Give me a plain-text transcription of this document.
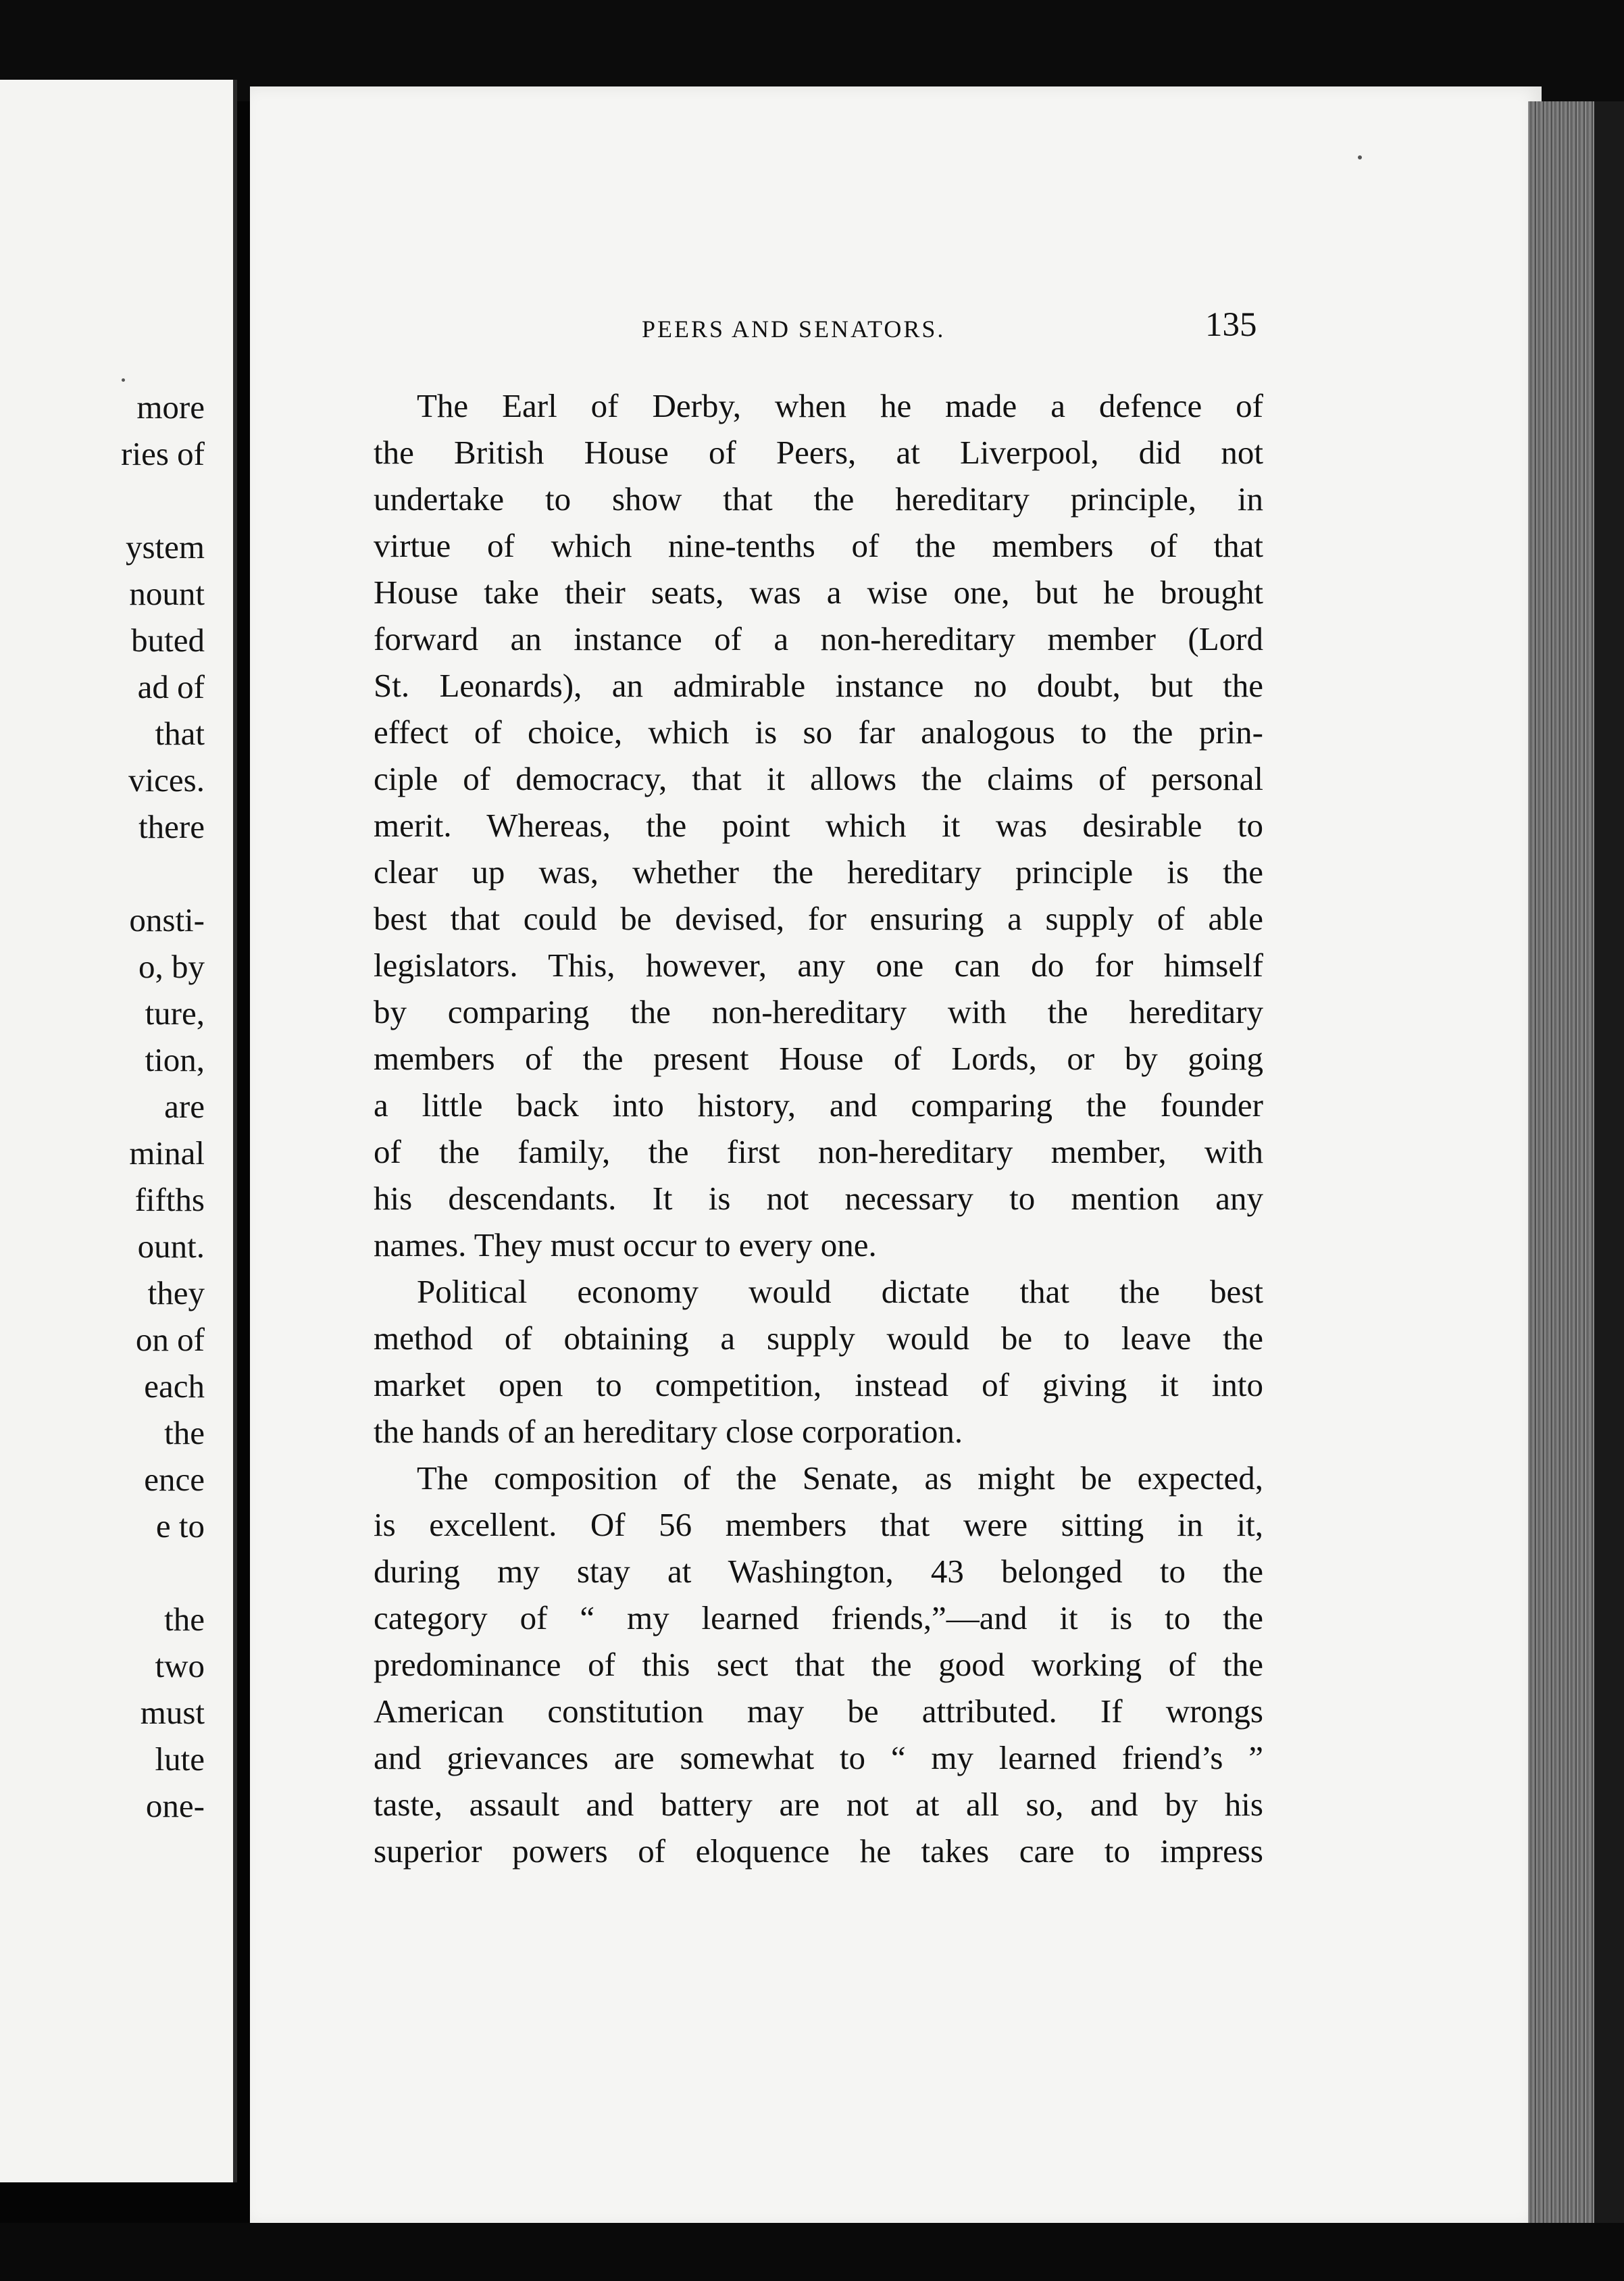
more
ries of
ystem
nount
buted
ad of
that
vices.
there
onsti-
o, by
ture,
tion,
are
minal
fifths
ount.
they
on of
each
the
ence
e to
the
two
must
lute
one-
PEERS AND SENATORS.	135
The Earl of Derby, when he made a defence of
the British House of Peers, at Liverpool, did not
undertake to show that the hereditary principle, in
virtue of which nine-tenths of the members of that
House take their seats, was a wise one, but he brought
forward an instance of a non-hereditary member (Lord
St. Leonards), an admirable instance no doubt, but the
effect of choice, which is so far analogous to the prin-
ciple of democracy, that it allows the claims of personal
merit. Whereas, the point which it was desirable to
clear up was, whether the hereditary principle is the
best that could be devised, for ensuring a supply of able
legislators. This, however, any one can do for himself
by comparing the non-hereditary with the hereditary
members of the present House of Lords, or by going
a little back into history, and comparing the founder
of the family, the first non-hereditary member, with
his descendants. It is not necessary to mention any
names. They must occur to every one.
Political economy would dictate that the best
method of obtaining a supply would be to leave the
market open to competition, instead of giving it into
the hands of an hereditary close corporation.
The composition of the Senate, as might be expected,
is excellent. Of 56 members that were sitting in it,
during my stay at Washington, 43 belonged to the
category of “ my learned friends,”—and it is to the
predominance of this sect that the good working of the
American constitution may be attributed. If wrongs
and grievances are somewhat to “ my learned friend’s ”
taste, assault and battery are not at all so, and by his
superior powers of eloquence he takes care to impress
